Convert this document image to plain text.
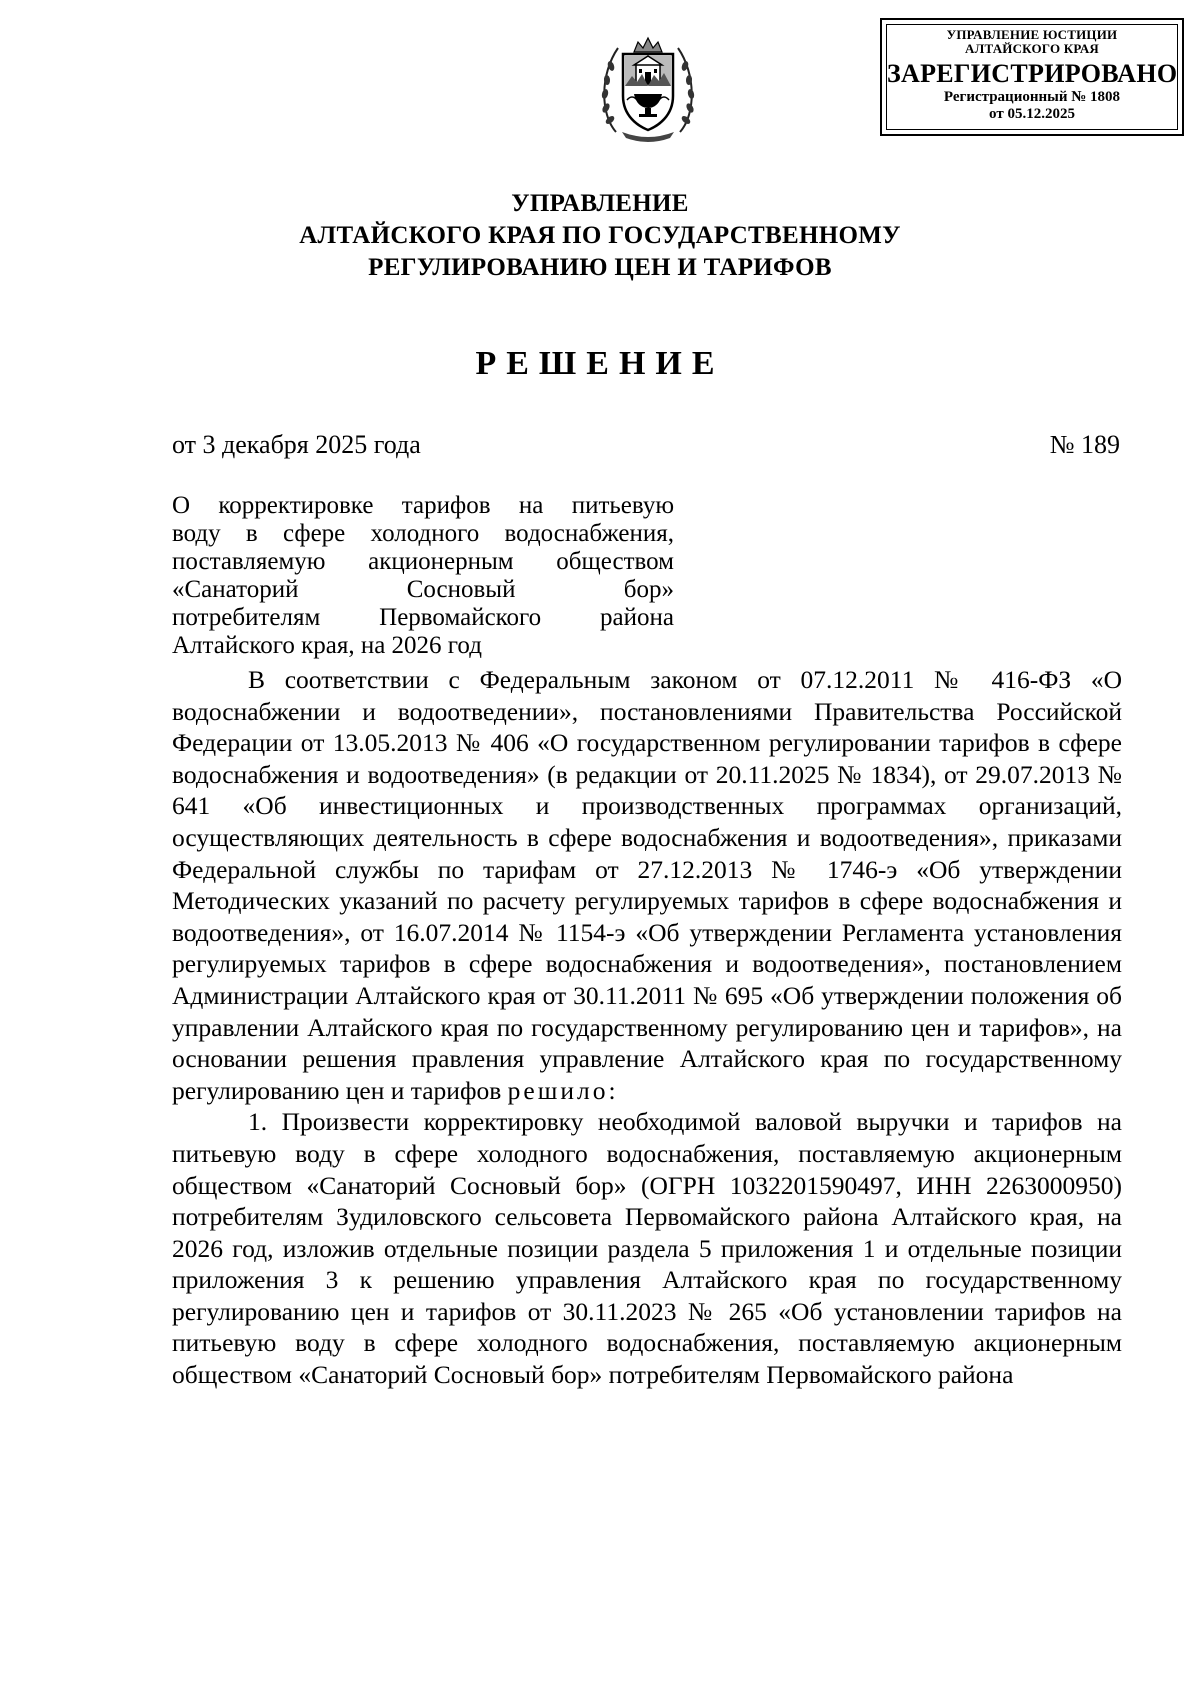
УПРАВЛЕНИЕ ЮСТИЦИИ
АЛТАЙСКОГО КРАЯ
ЗАРЕГИСТРИРОВАНО
Регистрационный № 1808
от 05.12.2025
УПРАВЛЕНИЕ
АЛТАЙСКОГО КРАЯ ПО ГОСУДАРСТВЕННОМУ
РЕГУЛИРОВАНИЮ ЦЕН И ТАРИФОВ
РЕШЕНИЕ
от 3 декабря 2025 года	№ 189
О корректировке тарифов на питьевую
воду в сфере холодного водоснабжения,
поставляемую акционерным обществом
«Санаторий Сосновый бор»
потребителям Первомайского района
Алтайского края, на 2026 год

В соответствии с Федеральным законом от 07.12.2011 № 416-ФЗ «О водоснабжении и водоотведении», постановлениями Правительства Российской Федерации от 13.05.2013 № 406 «О государственном регулировании тарифов в сфере водоснабжения и водоотведения» (в редакции от 20.11.2025 № 1834), от 29.07.2013 № 641 «Об инвестиционных и производственных программах организаций, осуществляющих деятельность в сфере водоснабжения и водоотведения», приказами Федеральной службы по тарифам от 27.12.2013 № 1746-э «Об утверждении Методических указаний по расчету регулируемых тарифов в сфере водоснабжения и водоотведения», от 16.07.2014 № 1154-э «Об утверждении Регламента установления регулируемых тарифов в сфере водоснабжения и водоотведения», постановлением Администрации Алтайского края от 30.11.2011 № 695 «Об утверждении положения об управлении Алтайского края по государственному регулированию цен и тарифов», на основании решения правления управление Алтайского края по государственному регулированию цен и тарифов решило:

1. Произвести корректировку необходимой валовой выручки и тарифов на питьевую воду в сфере холодного водоснабжения, поставляемую акционерным обществом «Санаторий Сосновый бор» (ОГРН 1032201590497, ИНН 2263000950) потребителям Зудиловского сельсовета Первомайского района Алтайского края, на 2026 год, изложив отдельные позиции раздела 5 приложения 1 и отдельные позиции приложения 3 к решению управления Алтайского края по государственному регулированию цен и тарифов от 30.11.2023 № 265 «Об установлении тарифов на питьевую воду в сфере холодного водоснабжения, поставляемую акционерным обществом «Санаторий Сосновый бор» потребителям Первомайского района
